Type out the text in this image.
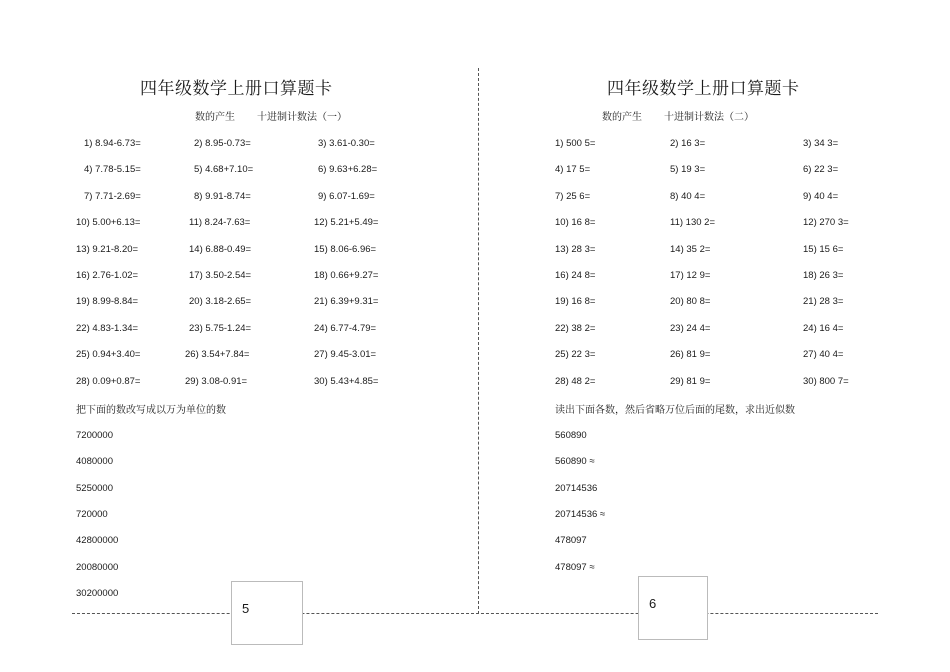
四年级数学上册口算题卡
数的产生 十进制计数法（一）
1) 8.94-6.73=	2) 8.95-0.73=	3) 3.61-0.30=
4) 7.78-5.15=	5) 4.68+7.10=	6) 9.63+6.28=
7) 7.71-2.69=	8) 9.91-8.74=	9) 6.07-1.69=
10) 5.00+6.13=	11) 8.24-7.63=	12) 5.21+5.49=
13) 9.21-8.20=	14) 6.88-0.49=	15) 8.06-6.96=
16) 2.76-1.02=	17) 3.50-2.54=	18) 0.66+9.27=
19) 8.99-8.84=	20) 3.18-2.65=	21) 6.39+9.31=
22) 4.83-1.34=	23) 5.75-1.24=	24) 6.77-4.79=
25) 0.94+3.40=	26) 3.54+7.84=	27) 9.45-3.01=
28) 0.09+0.87=	29) 3.08-0.91=	30) 5.43+4.85=
把下面的数改写成以万为单位的数
7200000
4080000
5250000
720000
42800000
20080000
30200000
四年级数学上册口算题卡
数的产生 十进制计数法（二）
1) 500 5=	2) 16 3=	3) 34 3=
4) 17 5=	5) 19 3=	6) 22 3=
7) 25 6=	8) 40 4=	9) 40 4=
10) 16 8=	11) 130 2=	12) 270 3=
13) 28 3=	14) 35 2=	15) 15 6=
16) 24 8=	17) 12 9=	18) 26 3=
19) 16 8=	20) 80 8=	21) 28 3=
22) 38 2=	23) 24 4=	24) 16 4=
25) 22 3=	26) 81 9=	27) 40 4=
28) 48 2=	29) 81 9=	30) 800 7=
读出下面各数，然后省略万位后面的尾数，求出近似数
560890
560890 ≈
20714536
20714536 ≈
478097
478097 ≈
5	6
